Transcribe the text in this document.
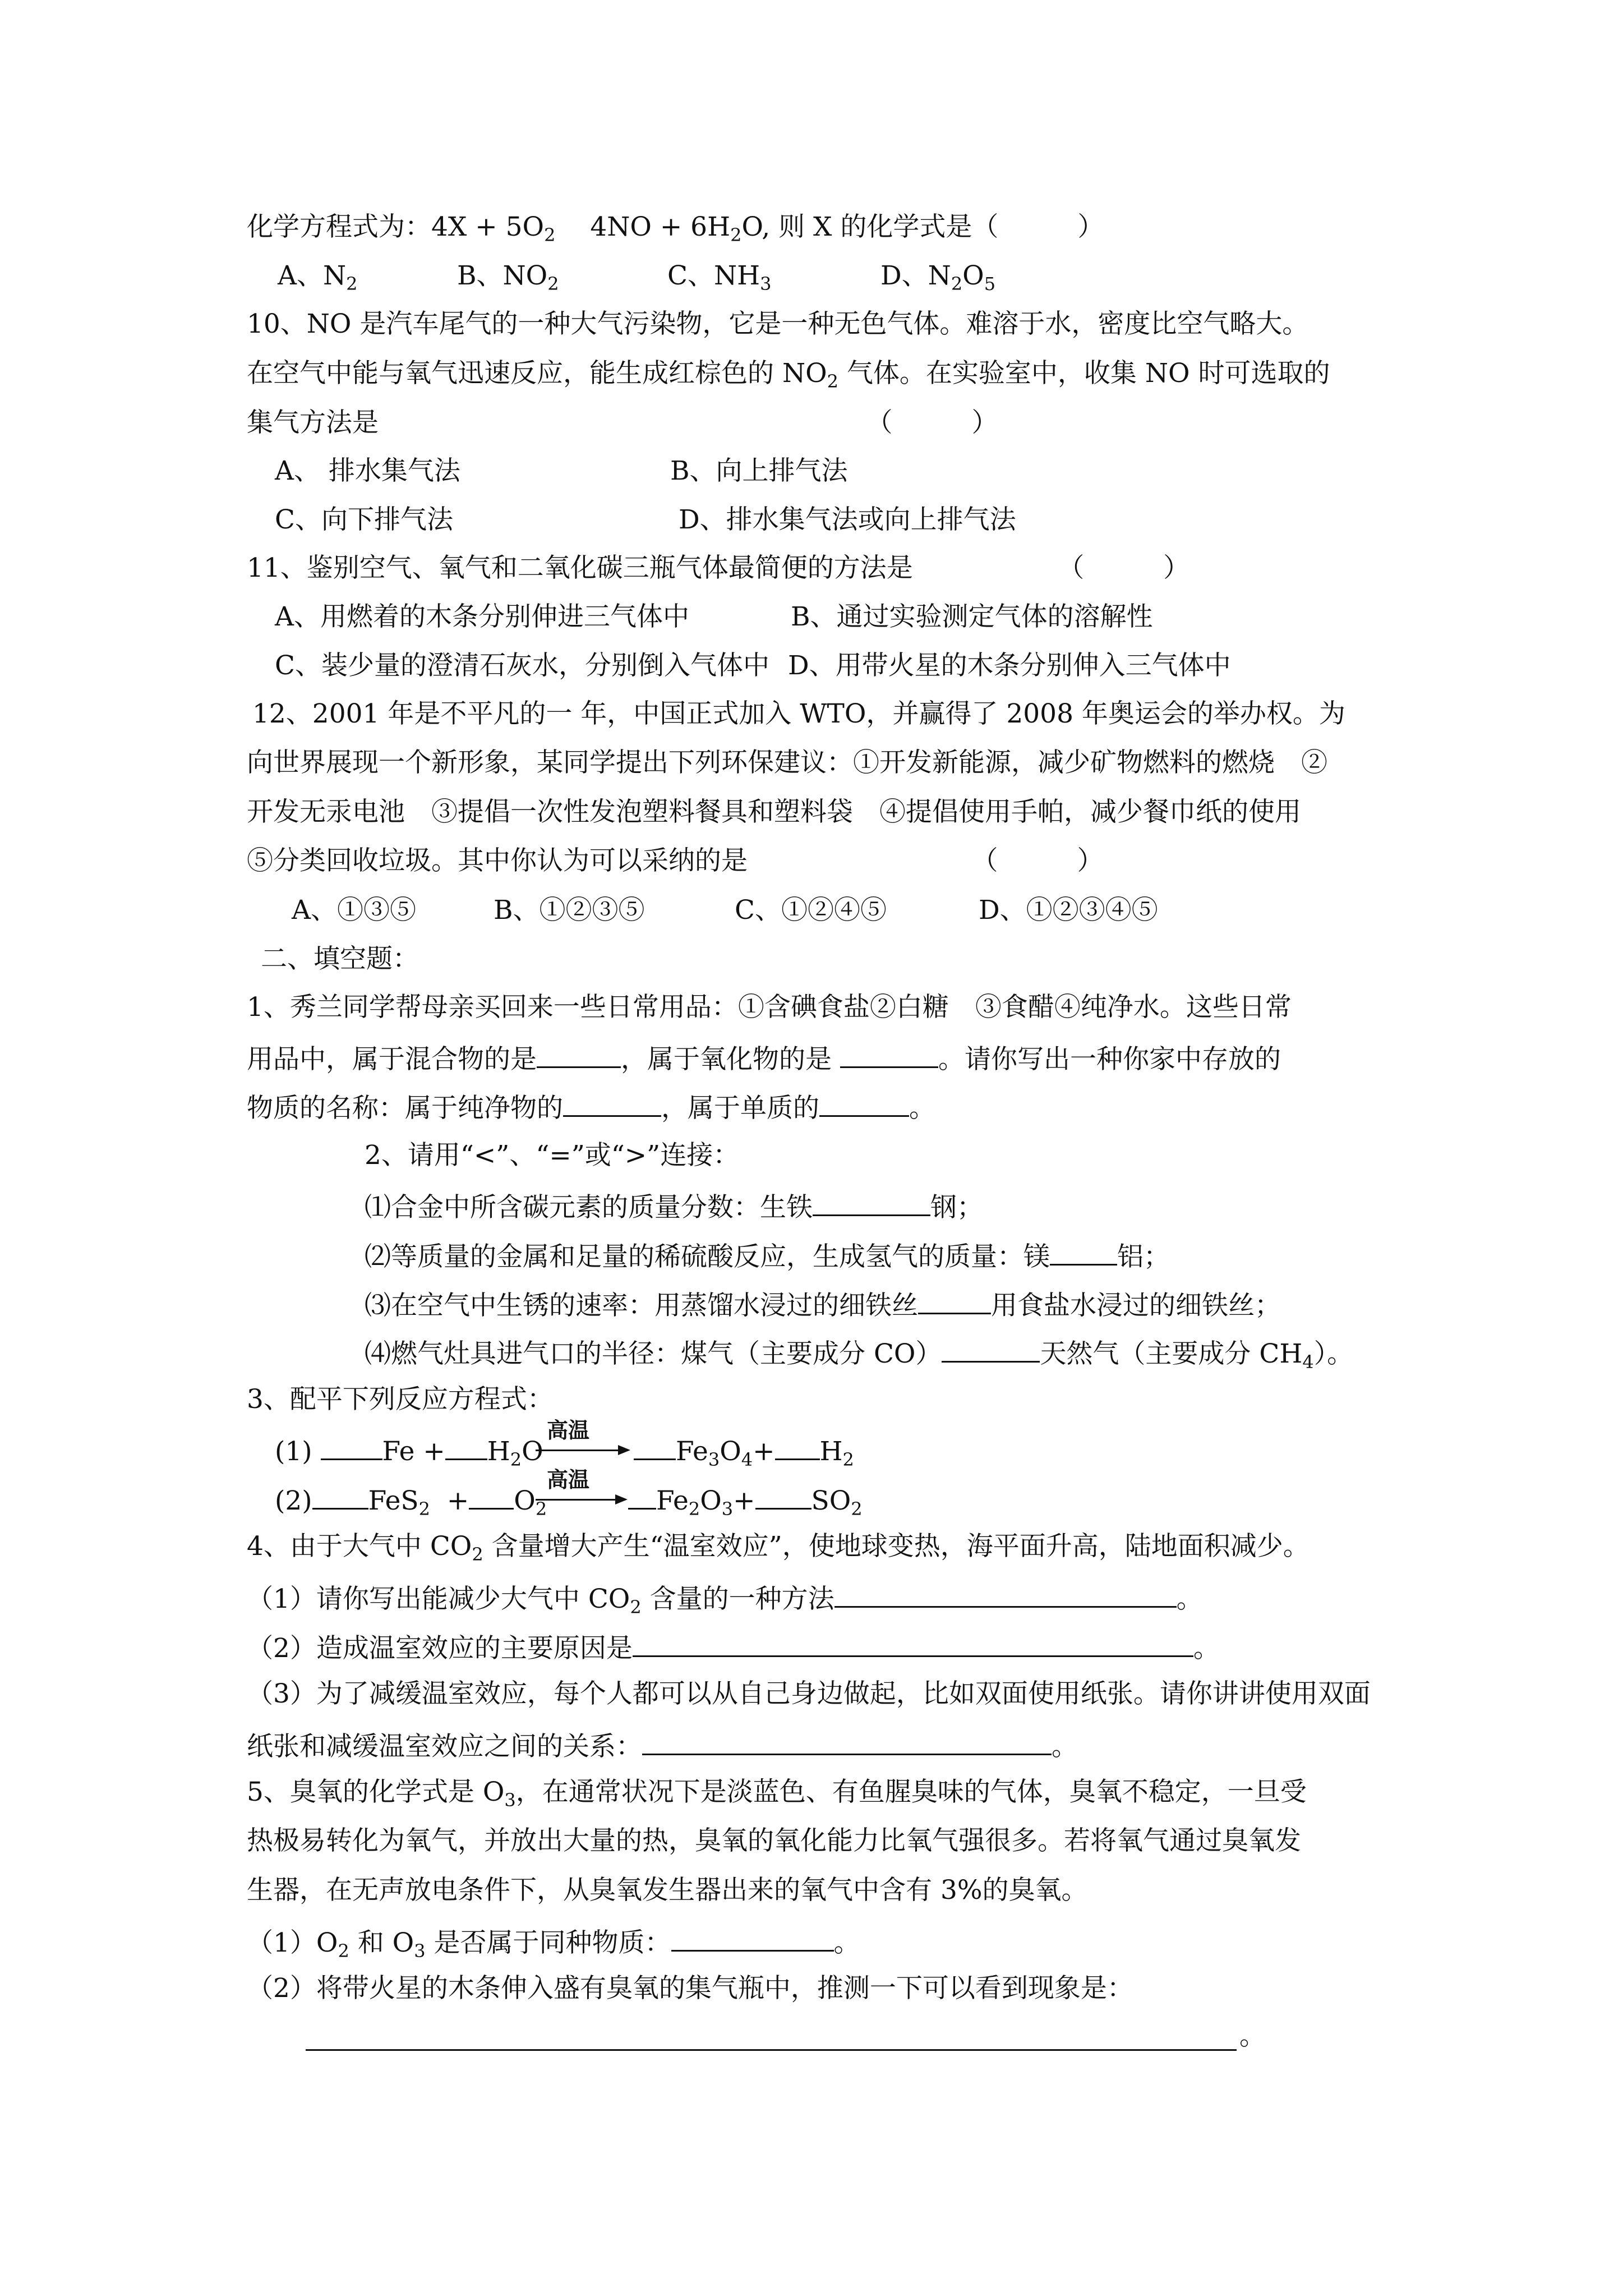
化学方程式为：$4X + 5O_2$　 $4NO + 6H_2O$, 则 X 的化学式是（　　　）
A、$N_2$	B、$NO_2$	C、$NH_3$	D、$N_2O_5$
10、NO 是汽车尾气的一种大气污染物，它是一种无色气体。难溶于水，密度比空气略大。
在空气中能与氧气迅速反应，能生成红棕色的 $NO_2$ 气体。在实验室中，收集 NO 时可选取的
集气方法是　　　　　　　　　　　　　　　　　　　（　　　）
A、 排水集气法	B、向上排气法
C、向下排气法	D、排水集气法或向上排气法
11、鉴别空气、氧气和二氧化碳三瓶气体最简便的方法是　　　　　　（　　　）
A、用燃着的木条分别伸进三气体中	B、通过实验测定气体的溶解性
C、装少量的澄清石灰水，分别倒入气体中 D、用带火星的木条分别伸入三气体中
12、2001 年是不平凡的一 年，中国正式加入 WTO，并赢得了 2008 年奥运会的举办权。为
向世界展现一个新形象，某同学提出下列环保建议：①开发新能源，减少矿物燃料的燃烧　②
开发无汞电池　③提倡一次性发泡塑料餐具和塑料袋　④提倡使用手帕，减少餐巾纸的使用
⑤分类回收垃圾。其中你认为可以采纳的是　　　　　　　　　（　　　）
A、①③⑤	B、①②③⑤	C、①②④⑤	D、①②③④⑤
二、填空题：
1、秀兰同学帮母亲买回来一些日常用品：①含碘食盐②白糖　③食醋④纯净水。这些日常
用品中，属于混合物的是	，属于氧化物的是	。请你写出一种你家中存放的
物质的名称：属于纯净物的	，属于单质的	。
2、请用“<”、“=”或“>”连接：
⑴合金中所含碳元素的质量分数：生铁	钢；
⑵等质量的金属和足量的稀硫酸反应，生成氢气的质量：镁	铝；
⑶在空气中生锈的速率：用蒸馏水浸过的细铁丝	用食盐水浸过的细铁丝；
⑷燃气灶具进气口的半径：煤气（主要成分 CO）	天然气（主要成分 $CH_4$）。
3、配平下列反应方程式：
(1)	$Fe + H_2O$
高温
$Fe_3O_4+ H_2$
(2) $FeS_2 + O_2$
高温
$Fe_2O_3+ SO_2$
4、由于大气中 $CO_2$ 含量增大产生“温室效应”，使地球变热，海平面升高，陆地面积减少。
（1）请你写出能减少大气中 $CO_2$ 含量的一种方法	。
（2）造成温室效应的主要原因是	。
（3）为了减缓温室效应，每个人都可以从自己身边做起，比如双面使用纸张。请你讲讲使用双面
纸张和减缓温室效应之间的关系：	。
5、臭氧的化学式是 $O_3$，在通常状况下是淡蓝色、有鱼腥臭味的气体，臭氧不稳定，一旦受
热极易转化为氧气，并放出大量的热，臭氧的氧化能力比氧气强很多。若将氧气通过臭氧发
生器，在无声放电条件下，从臭氧发生器出来的氧气中含有 3%的臭氧。
$(1)O_2$ 和 $O_3$ 是否属于同种物质：	。
（2）将带火星的木条伸入盛有臭氧的集气瓶中，推测一下可以看到现象是：
。
